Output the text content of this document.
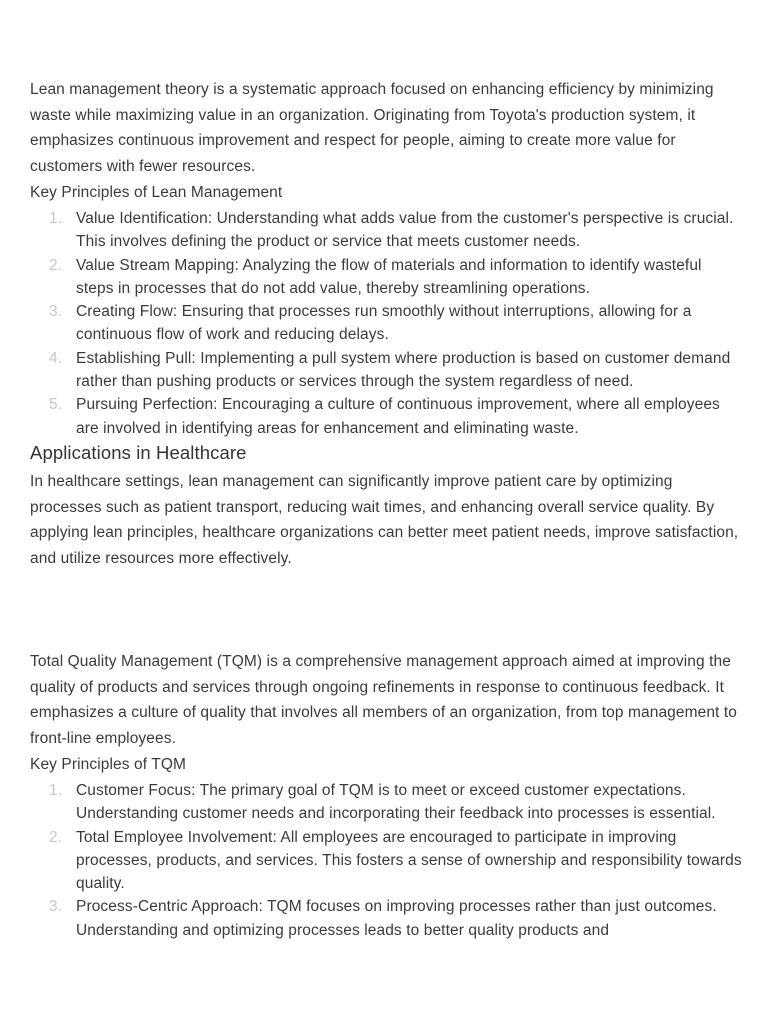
Lean management theory is a systematic approach focused on enhancing efficiency by minimizing waste while maximizing value in an organization. Originating from Toyota's production system, it emphasizes continuous improvement and respect for people, aiming to create more value for customers with fewer resources.

Key Principles of Lean Management

1. Value Identification: Understanding what adds value from the customer's perspective is crucial. This involves defining the product or service that meets customer needs.
2. Value Stream Mapping: Analyzing the flow of materials and information to identify wasteful steps in processes that do not add value, thereby streamlining operations.
3. Creating Flow: Ensuring that processes run smoothly without interruptions, allowing for a continuous flow of work and reducing delays.
4. Establishing Pull: Implementing a pull system where production is based on customer demand rather than pushing products or services through the system regardless of need.
5. Pursuing Perfection: Encouraging a culture of continuous improvement, where all employees are involved in identifying areas for enhancement and eliminating waste.
Applications in Healthcare

In healthcare settings, lean management can significantly improve patient care by optimizing processes such as patient transport, reducing wait times, and enhancing overall service quality. By applying lean principles, healthcare organizations can better meet patient needs, improve satisfaction, and utilize resources more effectively.

Total Quality Management (TQM) is a comprehensive management approach aimed at improving the quality of products and services through ongoing refinements in response to continuous feedback. It emphasizes a culture of quality that involves all members of an organization, from top management to front-line employees.

Key Principles of TQM

1. Customer Focus: The primary goal of TQM is to meet or exceed customer expectations. Understanding customer needs and incorporating their feedback into processes is essential.
2. Total Employee Involvement: All employees are encouraged to participate in improving processes, products, and services. This fosters a sense of ownership and responsibility towards quality.
3. Process-Centric Approach: TQM focuses on improving processes rather than just outcomes. Understanding and optimizing processes leads to better quality products and
